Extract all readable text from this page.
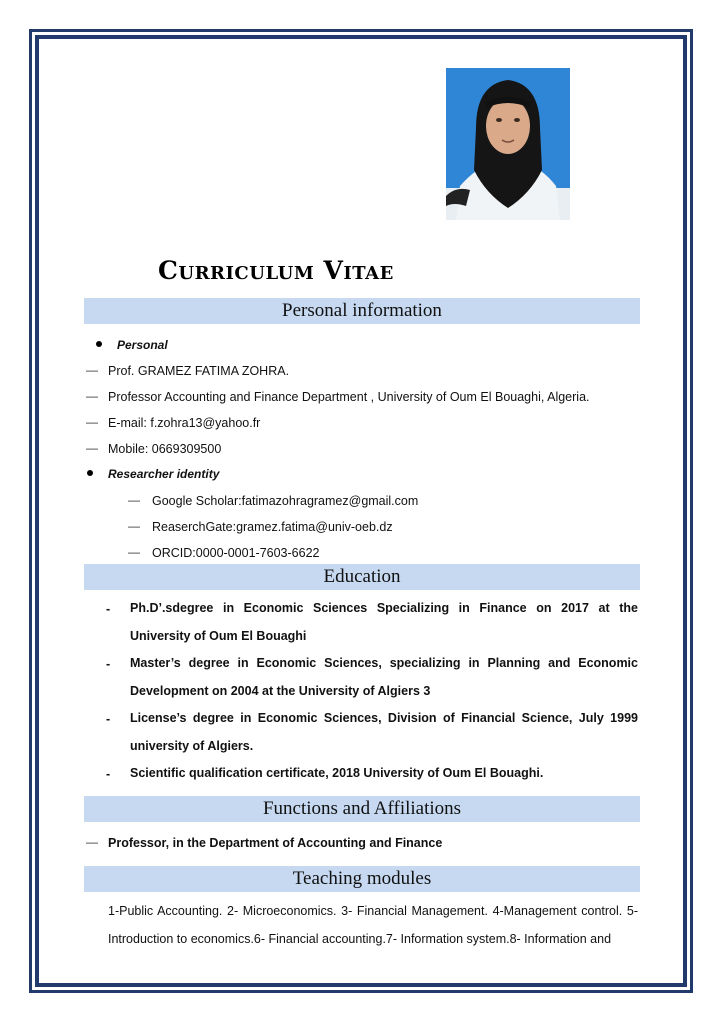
Curriculum Vitae
Personal information
Personal
― Prof. GRAMEZ FATIMA ZOHRA.
― Professor Accounting and Finance Department , University of Oum El Bouaghi, Algeria.
― E-mail: f.zohra13@yahoo.fr
― Mobile: 0669309500
Researcher identity
― Google Scholar:fatimazohragramez@gmail.com
― ReaserchGate:gramez.fatima@univ-oeb.dz
― ORCID:0000-0001-7603-6622
Education
- Ph.D’.sdegree in Economic Sciences Specializing in Finance on 2017 at the University of Oum El Bouaghi
- Master’s degree in Economic Sciences, specializing in Planning and Economic Development on 2004 at the University of Algiers 3
- License’s degree in Economic Sciences, Division of Financial Science, July 1999 university of Algiers.
- Scientific qualification certificate, 2018 University of Oum El Bouaghi.
Functions and Affiliations
― Professor, in the Department of Accounting and Finance
Teaching modules
1-Public Accounting. 2- Microeconomics. 3- Financial Management. 4-Management control. 5- Introduction to economics.6- Financial accounting.7- Information system.8- Information and
